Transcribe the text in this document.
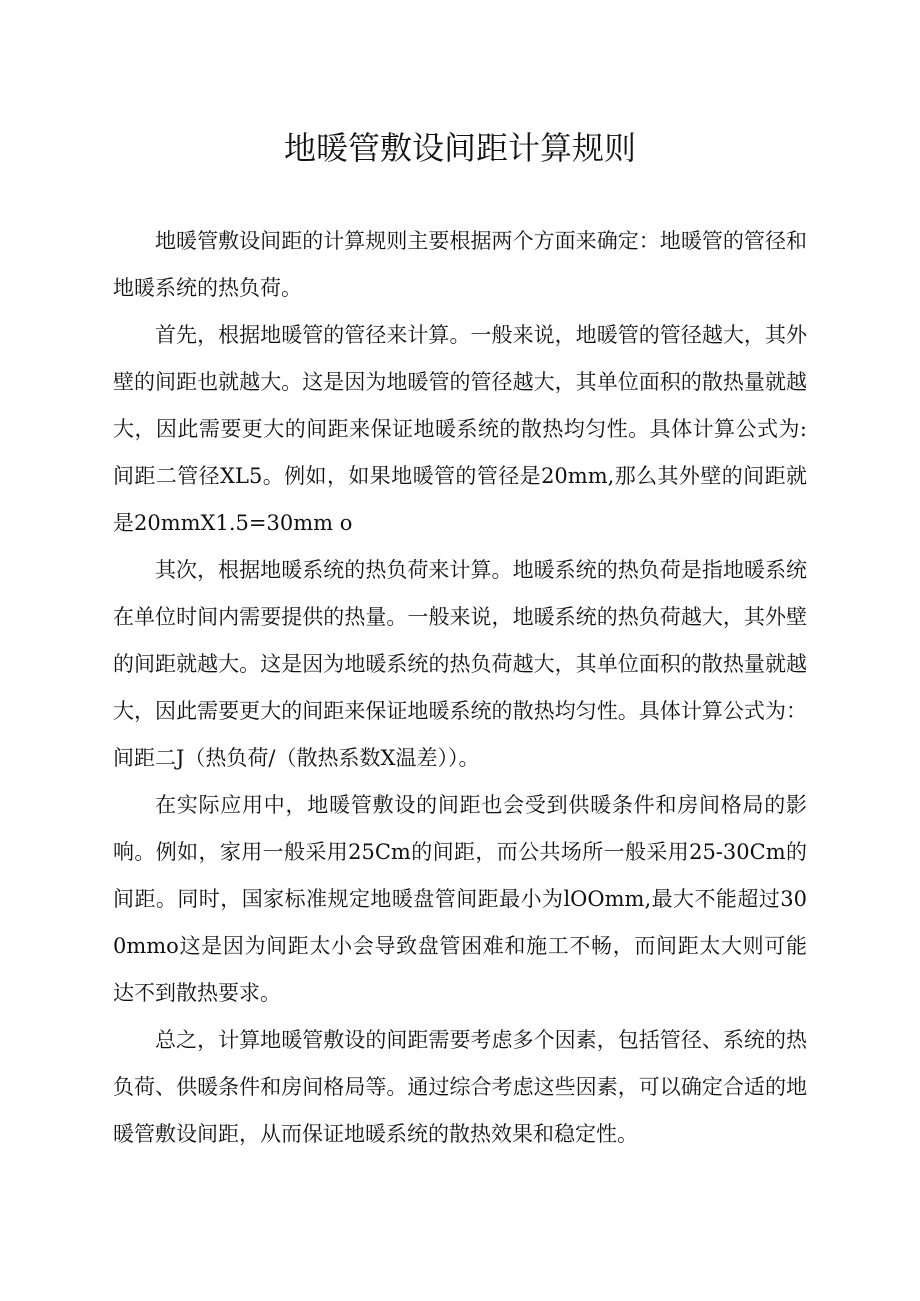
地暖管敷设间距计算规则

地暖管敷设间距的计算规则主要根据两个方面来确定：地暖管的管径和地暖系统的热负荷。

首先，根据地暖管的管径来计算。一般来说，地暖管的管径越大，其外壁的间距也就越大。这是因为地暖管的管径越大，其单位面积的散热量就越大，因此需要更大的间距来保证地暖系统的散热均匀性。具体计算公式为:间距二管径XL5。例如，如果地暖管的管径是20mm,那么其外壁的间距就是20mmX1.5=30mm o

其次，根据地暖系统的热负荷来计算。地暖系统的热负荷是指地暖系统在单位时间内需要提供的热量。一般来说，地暖系统的热负荷越大，其外壁的间距就越大。这是因为地暖系统的热负荷越大，其单位面积的散热量就越大，因此需要更大的间距来保证地暖系统的散热均匀性。具体计算公式为：间距二J（热负荷/（散热系数X温差））。

在实际应用中，地暖管敷设的间距也会受到供暖条件和房间格局的影响。例如，家用一般采用25Cm的间距，而公共场所一般采用25-30Cm的间距。同时，国家标准规定地暖盘管间距最小为lOOmm,最大不能超过300mmo这是因为间距太小会导致盘管困难和施工不畅，而间距太大则可能达不到散热要求。

总之，计算地暖管敷设的间距需要考虑多个因素，包括管径、系统的热负荷、供暖条件和房间格局等。通过综合考虑这些因素，可以确定合适的地暖管敷设间距，从而保证地暖系统的散热效果和稳定性。
